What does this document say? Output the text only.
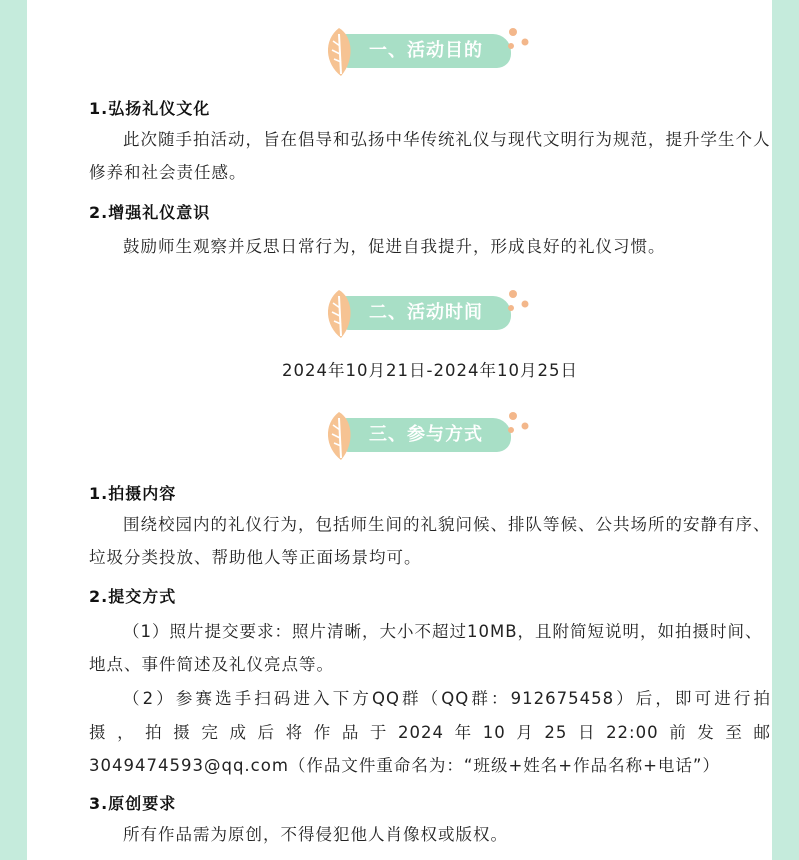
一、活动目的
1.弘扬礼仪文化
此次随手拍活动，旨在倡导和弘扬中华传统礼仪与现代文明行为规范，提升学生个人修养和社会责任感。
2.增强礼仪意识
鼓励师生观察并反思日常行为，促进自我提升，形成良好的礼仪习惯。
二、活动时间
2024年10月21日-2024年10月25日
三、参与方式
1.拍摄内容
围绕校园内的礼仪行为，包括师生间的礼貌问候、排队等候、公共场所的安静有序、垃圾分类投放、帮助他人等正面场景均可。
2.提交方式
（1）照片提交要求：照片清晰，大小不超过10MB，且附简短说明，如拍摄时间、地点、事件简述及礼仪亮点等。
（2）参赛选手扫码进入下方QQ群（QQ群：912675458）后，即可进行拍
摄，拍摄完成后将作品于2024年10月25日22:00前发至邮
3049474593@qq.com（作品文件重命名为：“班级+姓名+作品名称+电话”）
3.原创要求
所有作品需为原创，不得侵犯他人肖像权或版权。
